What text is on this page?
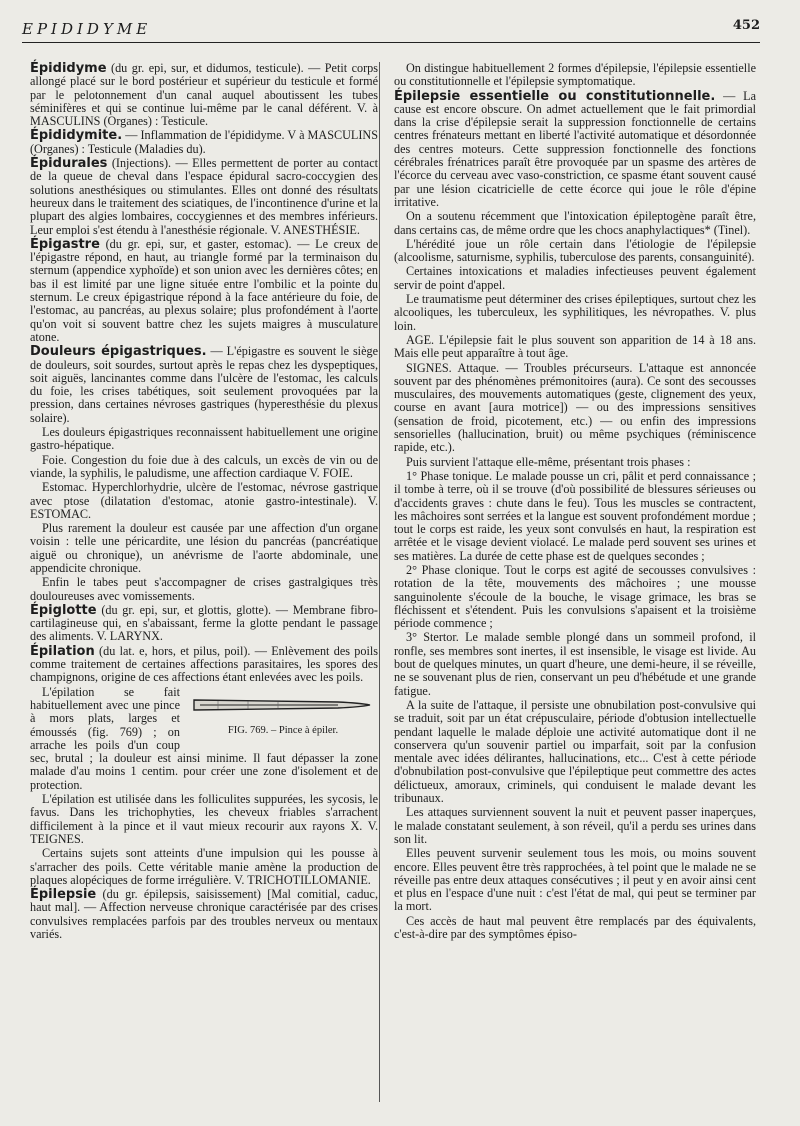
EPIDIDYME	452

Épididyme (du gr. epi, sur, et didumos, testicule). — Petit corps allongé placé sur le bord postérieur et supérieur du testicule et formé par le pelotonnement d'un canal auquel aboutissent les tubes séminifères et qui se continue lui-même par le canal déférent. V. à MASCULINS (Organes) : Testicule.

Épididymite. — Inflammation de l'épididyme. V à MASCULINS (Organes) : Testicule (Maladies du).

Épidurales (Injections). — Elles permettent de porter au contact de la queue de cheval dans l'espace épidural sacro-coccygien des solutions anesthésiques ou stimulantes. Elles ont donné des résultats heureux dans le traitement des sciatiques, de l'incontinence d'urine et la plupart des algies lombaires, coccygiennes et des membres inférieurs. Leur emploi s'est étendu à l'anesthésie régionale. V. ANESTHÉSIE.

Épigastre (du gr. epi, sur, et gaster, estomac). — Le creux de l'épigastre répond, en haut, au triangle formé par la terminaison du sternum (appendice xyphoïde) et son union avec les dernières côtes; en bas il est limité par une ligne située entre l'ombilic et la pointe du sternum. Le creux épigastrique répond à la face antérieure du foie, de l'estomac, au pancréas, au plexus solaire; plus profondément à l'aorte qu'on voit si souvent battre chez les sujets maigres à musculature atone.

Douleurs épigastriques. — L'épigastre es souvent le siège de douleurs, soit sourdes, surtout après le repas chez les dyspeptiques, soit aiguës, lancinantes comme dans l'ulcère de l'estomac, les calculs du foie, les crises tabétiques, soit seulement provoquées par la pression, dans certaines névroses gastriques (hyperesthésie du plexus solaire).

Les douleurs épigastriques reconnaissent habituellement une origine gastro-hépatique.

Foie. Congestion du foie due à des calculs, un excès de vin ou de viande, la syphilis, le paludisme, une affection cardiaque V. FOIE.

Estomac. Hyperchlorhydrie, ulcère de l'estomac, névrose gastrique avec ptose (dilatation d'estomac, atonie gastro-intestinale). V. ESTOMAC.

Plus rarement la douleur est causée par une affection d'un organe voisin : telle une péricardite, une lésion du pancréas (pancréatique aiguë ou chronique), un anévrisme de l'aorte abdominale, une appendicite chronique.

Enfin le tabes peut s'accompagner de crises gastralgiques très douloureuses avec vomissements.

Épiglotte (du gr. epi, sur, et glottis, glotte). — Membrane fibro-cartilagineuse qui, en s'abaissant, ferme la glotte pendant le passage des aliments. V. LARYNX.

Épilation (du lat. e, hors, et pilus, poil). — Enlèvement des poils comme traitement de certaines affections parasitaires, les spores des champignons, origine de ces affections étant enlevées avec les poils.

FIG. 769. – Pince à épiler.

L'épilation se fait habituellement avec une pince à mors plats, larges et émoussés (fig. 769) ; on arrache les poils d'un coup sec, brutal ; la douleur est ainsi minime. Il faut dépasser la zone malade d'au moins 1 centim. pour créer une zone d'isolement et de protection.

L'épilation est utilisée dans les folliculites suppurées, les sycosis, le favus. Dans les trichophyties, les cheveux friables s'arrachent difficilement à la pince et il vaut mieux recourir aux rayons X. V. TEIGNES.

Certains sujets sont atteints d'une impulsion qui les pousse à s'arracher des poils. Cette véritable manie amène la production de plaques alopéciques de forme irrégulière. V. TRICHOTILLOMANIE.

Épilepsie (du gr. épilepsis, saisissement) [Mal comitial, caduc, haut mal]. — Affection nerveuse chronique caractérisée par des crises convulsives remplacées parfois par des troubles nerveux ou mentaux variés.

On distingue habituellement 2 formes d'épilepsie, l'épilepsie essentielle ou constitutionnelle et l'épilepsie symptomatique.

Épilepsie essentielle ou constitutionnelle. — La cause est encore obscure. On admet actuellement que le fait primordial dans la crise d'épilepsie serait la suppression fonctionnelle de certains centres frénateurs mettant en liberté l'activité automatique et désordonnée des centres moteurs. Cette suppression fonctionnelle des fonctions cérébrales frénatrices paraît être provoquée par un spasme des artères de l'écorce du cerveau avec vaso-constriction, ce spasme étant souvent causé par une lésion cicatricielle de cette écorce qui joue le rôle d'épine irritative.

On a soutenu récemment que l'intoxication épileptogène paraît être, dans certains cas, de même ordre que les chocs anaphylactiques* (Tinel).

L'hérédité joue un rôle certain dans l'étiologie de l'épilepsie (alcoolisme, saturnisme, syphilis, tuberculose des parents, consanguinité).

Certaines intoxications et maladies infectieuses peuvent également servir de point d'appel.

Le traumatisme peut déterminer des crises épileptiques, surtout chez les alcooliques, les tuberculeux, les syphilitiques, les névropathes. V. plus loin.

AGE. L'épilepsie fait le plus souvent son apparition de 14 à 18 ans. Mais elle peut apparaître à tout âge.

SIGNES. Attaque. — Troubles précurseurs. L'attaque est annoncée souvent par des phénomènes prémonitoires (aura). Ce sont des secousses musculaires, des mouvements automatiques (geste, clignement des yeux, course en avant [aura motrice]) — ou des impressions sensitives (sensation de froid, picotement, etc.) — ou enfin des impressions sensorielles (hallucination, bruit) ou même psychiques (réminiscence rapide, etc.).

Puis survient l'attaque elle-même, présentant trois phases :

1° Phase tonique. Le malade pousse un cri, pâlit et perd connaissance ; il tombe à terre, où il se trouve (d'où possibilité de blessures sérieuses ou d'accidents graves : chute dans le feu). Tous les muscles se contractent, les mâchoires sont serrées et la langue est souvent profondément mordue ; tout le corps est raide, les yeux sont convulsés en haut, la respiration est arrêtée et le visage devient violacé. Le malade perd souvent ses urines et ses matières. La durée de cette phase est de quelques secondes ;

2° Phase clonique. Tout le corps est agité de secousses convulsives : rotation de la tête, mouvements des mâchoires ; une mousse sanguinolente s'écoule de la bouche, le visage grimace, les bras se fléchissent et s'étendent. Puis les convulsions s'apaisent et la troisième période commence ;

3° Stertor. Le malade semble plongé dans un sommeil profond, il ronfle, ses membres sont inertes, il est insensible, le visage est livide. Au bout de quelques minutes, un quart d'heure, une demi-heure, il se réveille, ne se souvenant plus de rien, conservant un peu d'hébétude et une grande fatigue.

A la suite de l'attaque, il persiste une obnubilation post-convulsive qui se traduit, soit par un état crépusculaire, période d'obtusion intellectuelle pendant laquelle le malade déploie une activité automatique dont il ne conservera qu'un souvenir partiel ou imparfait, soit par la confusion mentale avec idées délirantes, hallucinations, etc... C'est à cette période d'obnubilation post-convulsive que l'épileptique peut commettre des actes délictueux, amoraux, criminels, qui conduisent le malade devant les tribunaux.

Les attaques surviennent souvent la nuit et peuvent passer inaperçues, le malade constatant seulement, à son réveil, qu'il a perdu ses urines dans son lit.

Elles peuvent survenir seulement tous les mois, ou moins souvent encore. Elles peuvent être très rapprochées, à tel point que le malade ne se réveille pas entre deux attaques consécutives ; il peut y en avoir ainsi cent et plus en l'espace d'une nuit : c'est l'état de mal, qui peut se terminer par la mort.

Ces accès de haut mal peuvent être remplacés par des équivalents, c'est-à-dire par des symptômes épiso-
